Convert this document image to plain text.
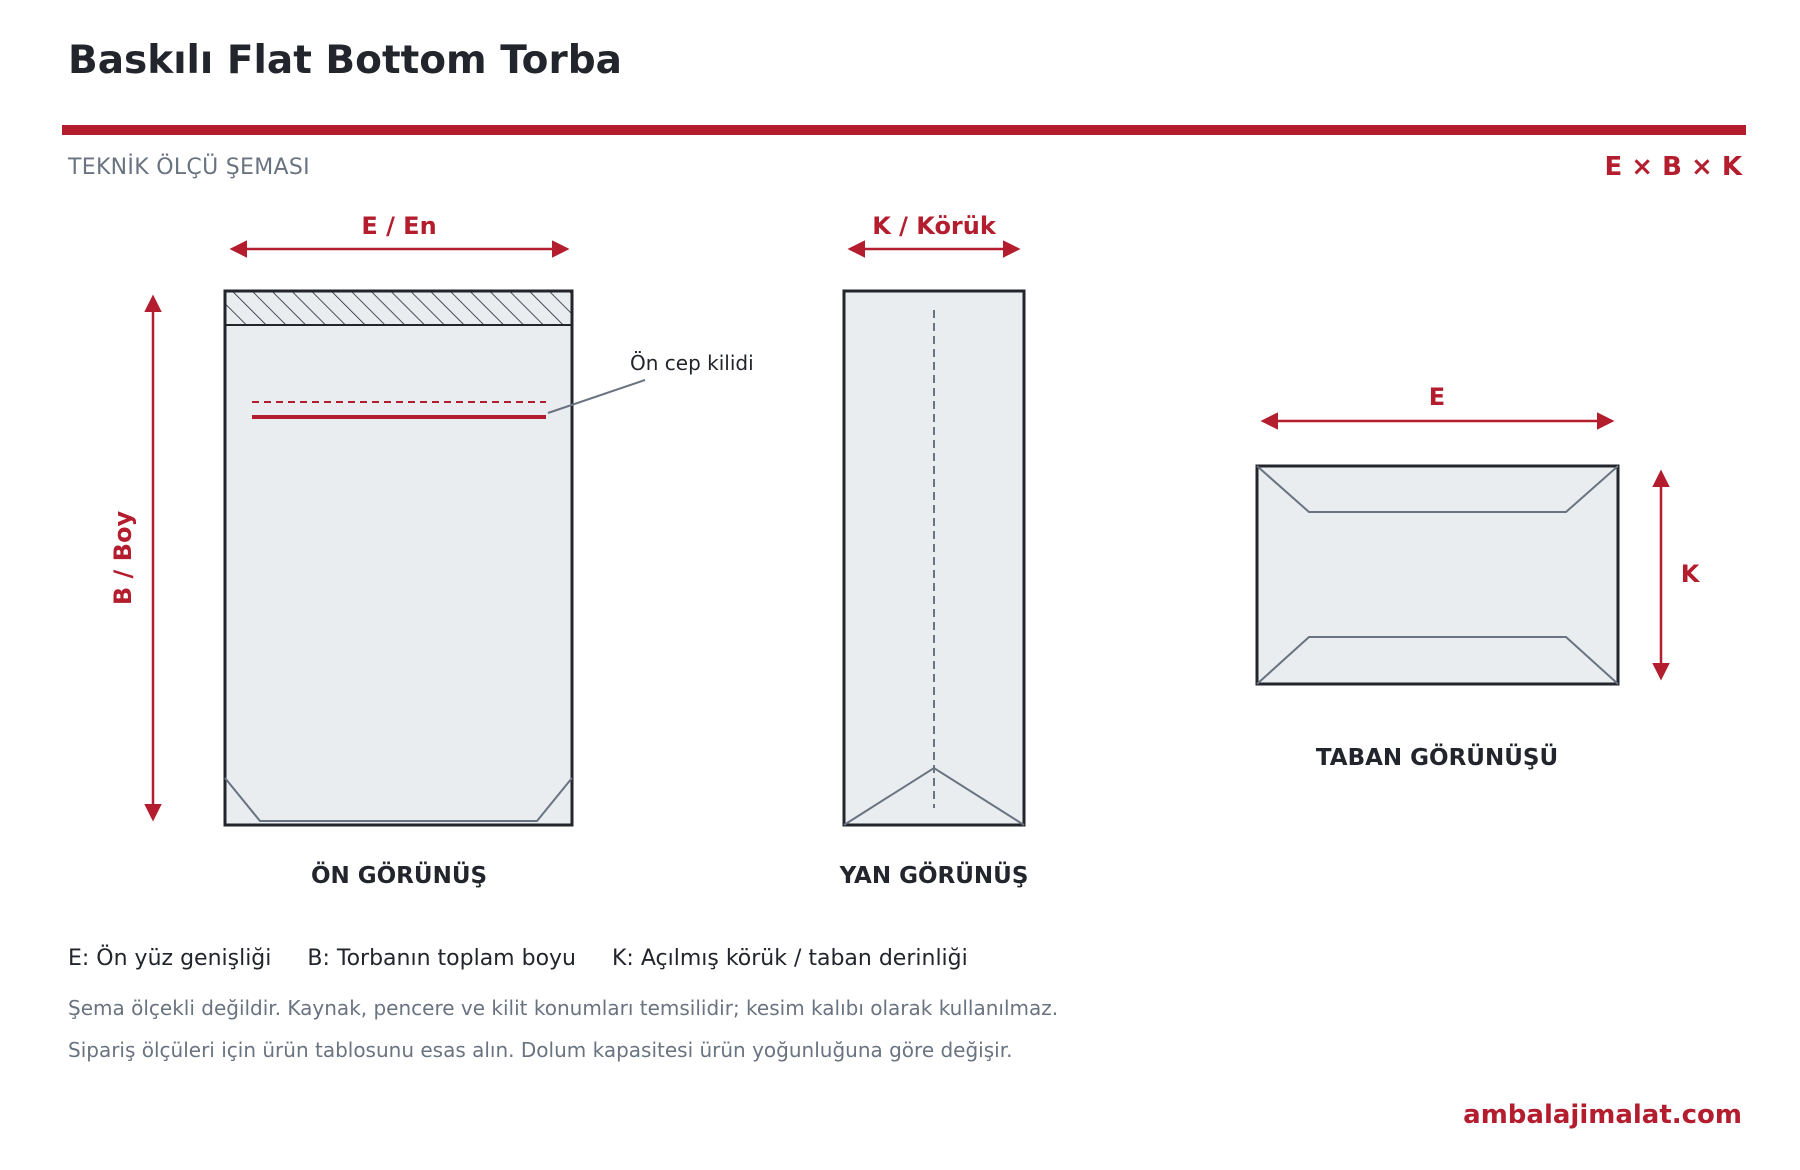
Baskılı Flat Bottom Torba
TEKNİK ÖLÇÜ ŞEMASI	E × B × K
Ön cep kilidi
E / En
B / Boy
ÖN GÖRÜNÜŞ
K / Körük
YAN GÖRÜNÜŞ
E
K
TABAN GÖRÜNÜŞÜ
E: Ön yüz genişliği B: Torbanın toplam boyu K: Açılmış körük / taban derinliği
Şema ölçekli değildir. Kaynak, pencere ve kilit konumları temsilidir; kesim kalıbı olarak kullanılmaz.
Sipariş ölçüleri için ürün tablosunu esas alın. Dolum kapasitesi ürün yoğunluğuna göre değişir.
ambalajimalat.com
